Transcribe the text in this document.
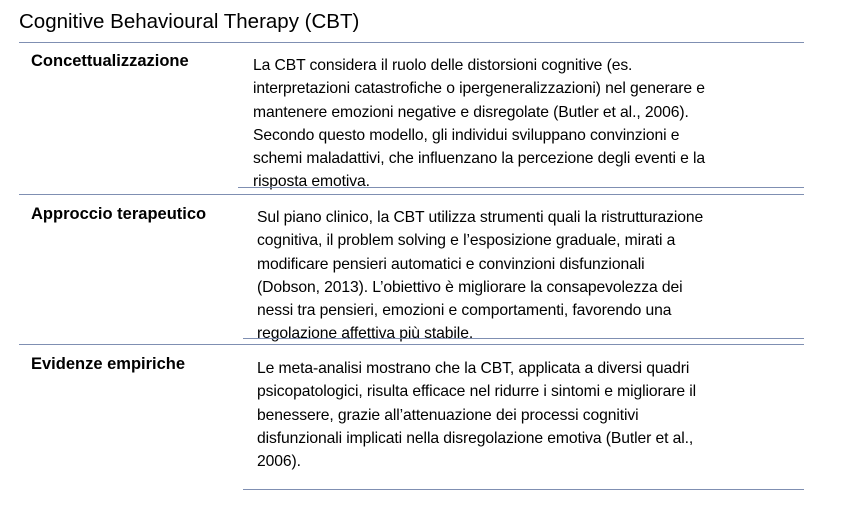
Cognitive Behavioural Therapy (CBT)
Concettualizzazione	La CBT considera il ruolo delle distorsioni cognitive (es.
interpretazioni catastrofiche o ipergeneralizzazioni) nel generare e
mantenere emozioni negative e disregolate (Butler et al., 2006).
Secondo questo modello, gli individui sviluppano convinzioni e
schemi maladattivi, che influenzano la percezione degli eventi e la
risposta emotiva.
Approccio terapeutico	Sul piano clinico, la CBT utilizza strumenti quali la ristrutturazione
cognitiva, il problem solving e l’esposizione graduale, mirati a
modificare pensieri automatici e convinzioni disfunzionali
(Dobson, 2013). L’obiettivo è migliorare la consapevolezza dei
nessi tra pensieri, emozioni e comportamenti, favorendo una
regolazione affettiva più stabile.
Evidenze empiriche	Le meta-analisi mostrano che la CBT, applicata a diversi quadri
psicopatologici, risulta efficace nel ridurre i sintomi e migliorare il
benessere, grazie all’attenuazione dei processi cognitivi
disfunzionali implicati nella disregolazione emotiva (Butler et al.,
2006).
